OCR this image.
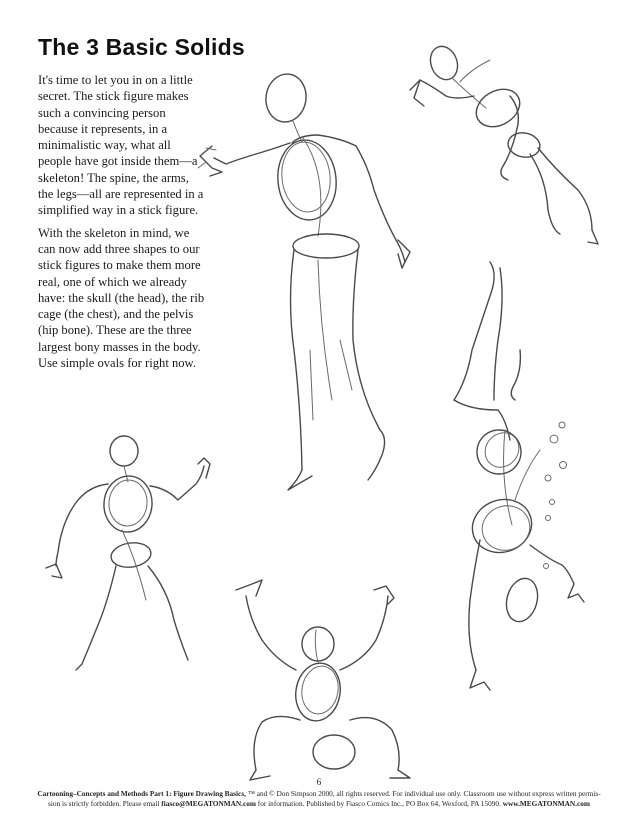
The 3 Basic Solids

It's time to let you in on a little secret. The stick figure makes such a convincing person because it represents, in a minimalistic way, what all people have got inside them—a skeleton! The spine, the arms, the legs—all are represented in a simplified way in a stick figure.

With the skeleton in mind, we can now add three shapes to our stick figures to make them more real, one of which we already have: the skull (the head), the rib cage (the chest), and the pelvis (hip bone). These are the three largest bony masses in the body. Use simple ovals for right now.

6
Cartooning–Concepts and Methods Part 1: Figure Drawing Basics, ™ and © Don Simpson 2000, all rights reserved. For individual use only. Classroom use without express written permis-
sion is strictly forbidden. Please email fiasco@MEGATONMAN.com for information. Published by Fiasco Comics Inc., PO Box 64, Wexford, PA 15090. www.MEGATONMAN.com
